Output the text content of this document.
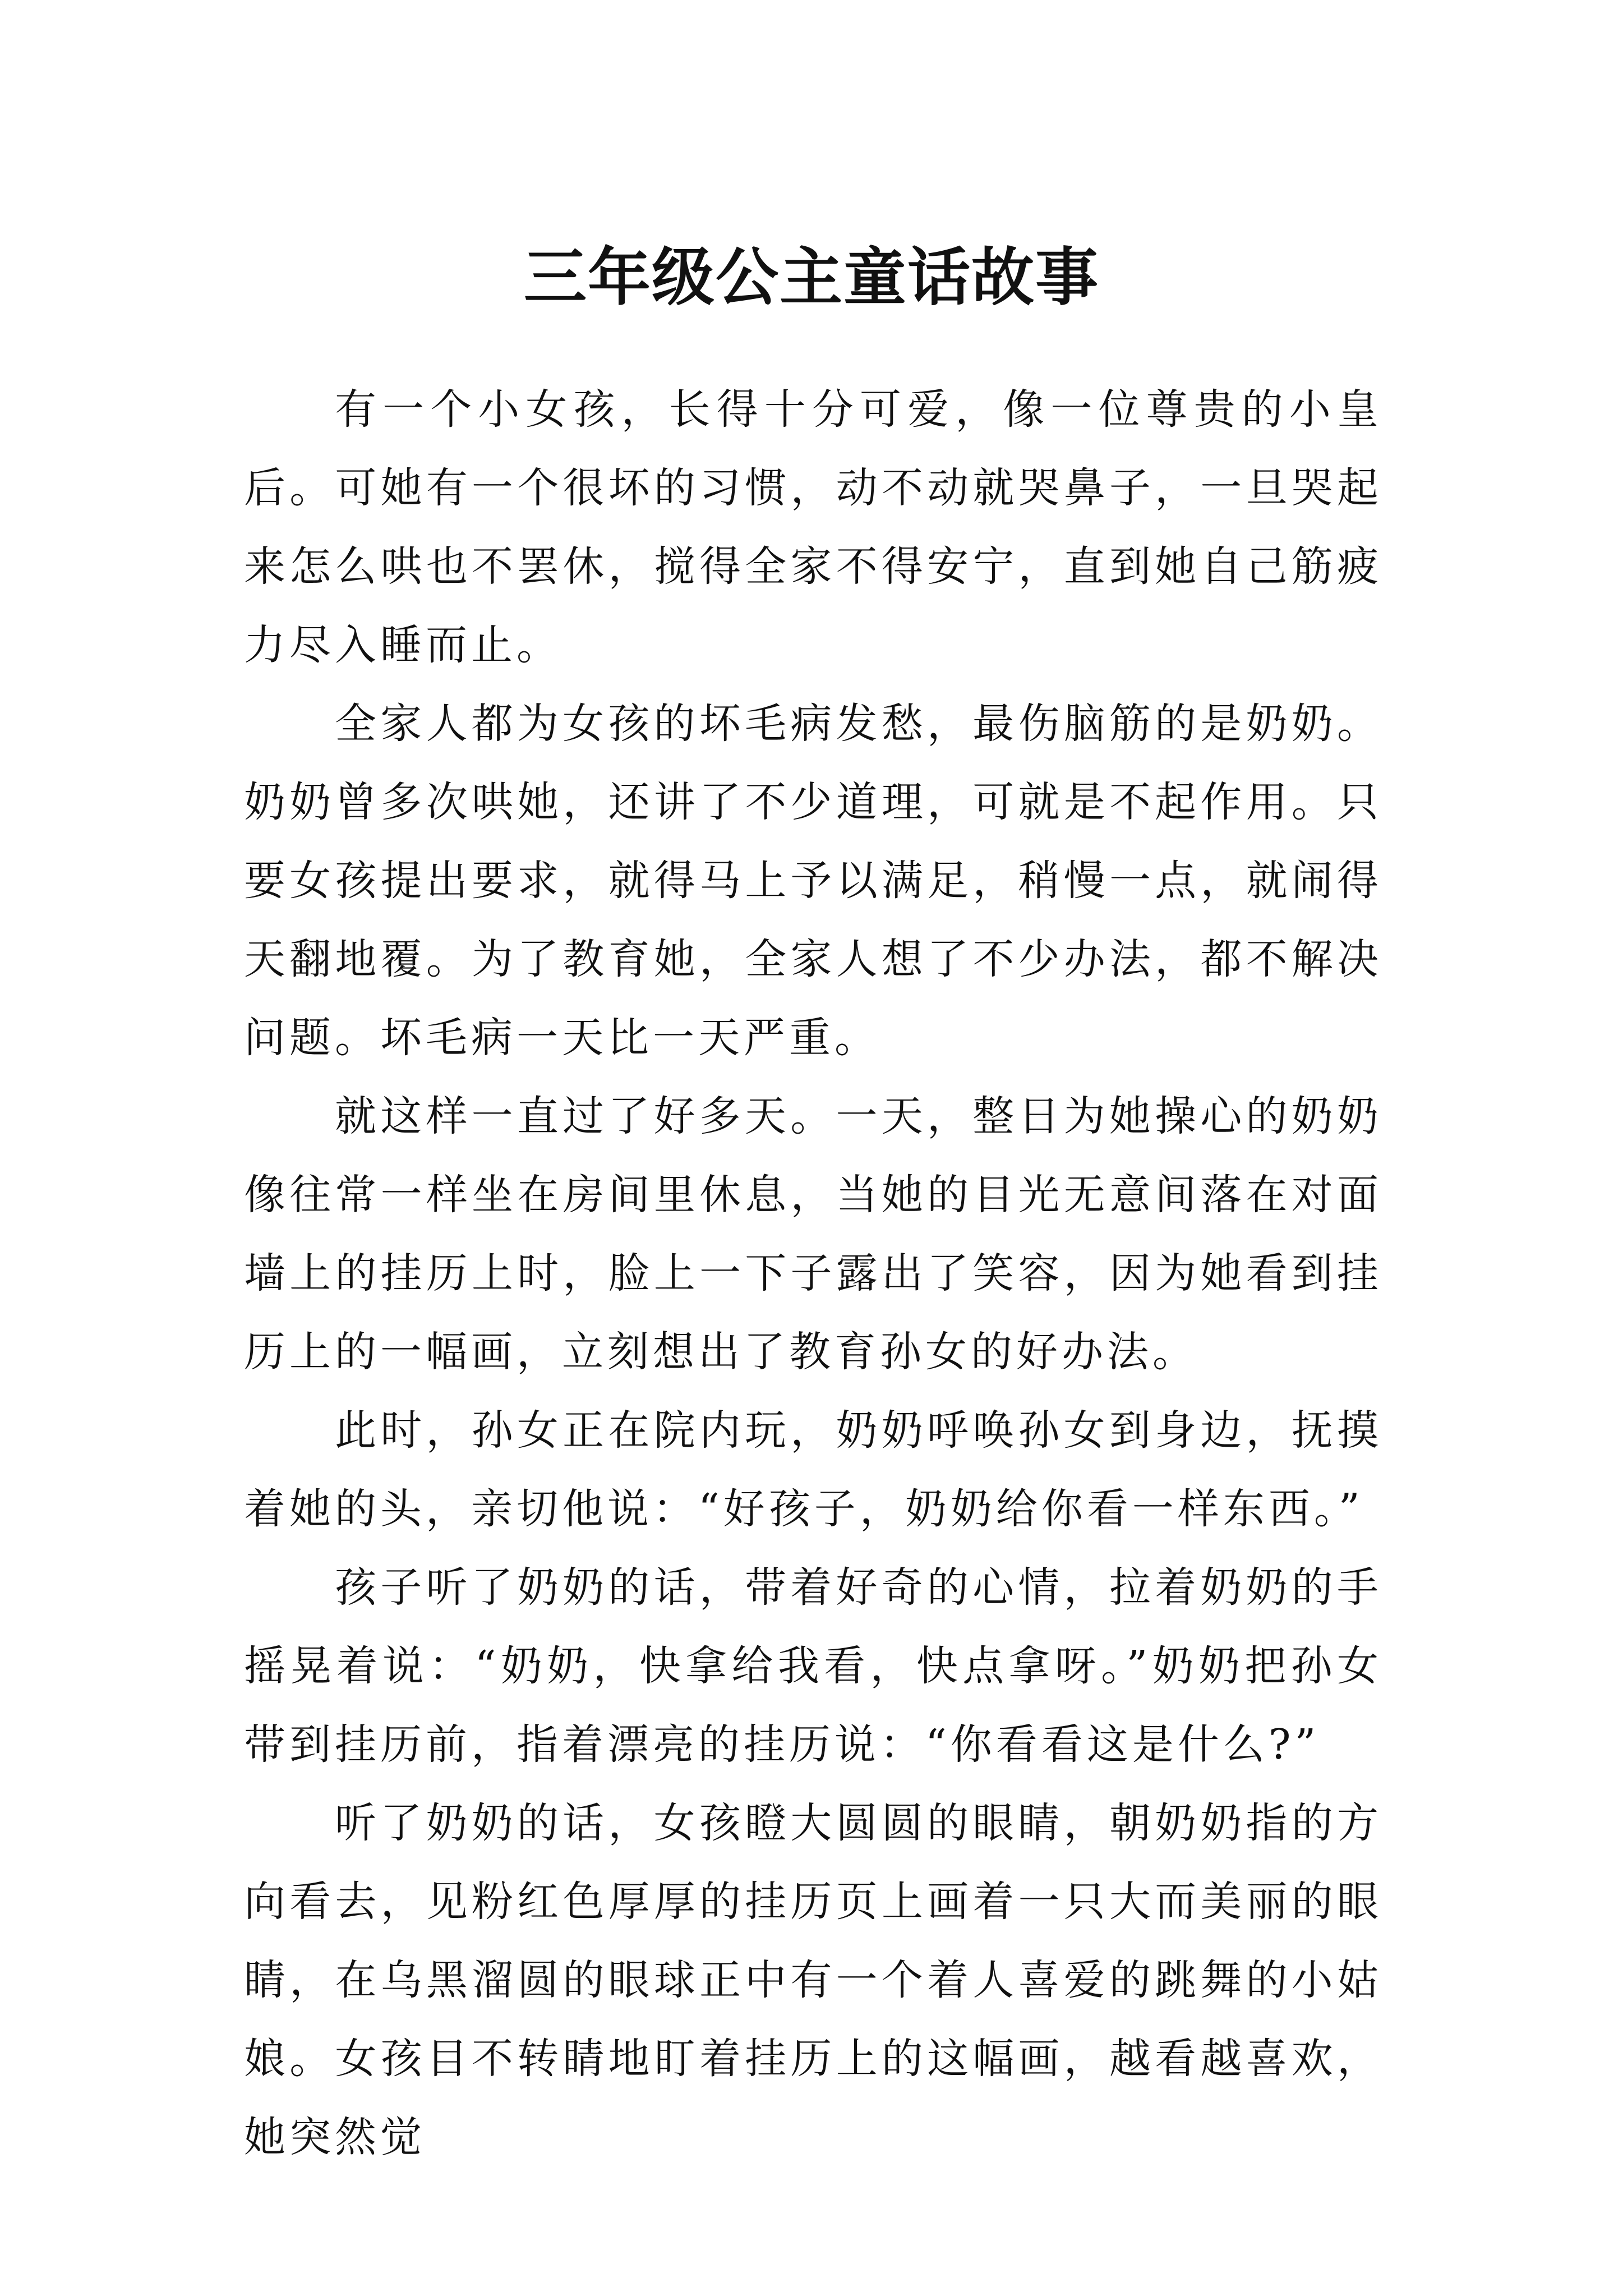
三年级公主童话故事

有一个小女孩，长得十分可爱，像一位尊贵的小皇后。可她有一个很坏的习惯，动不动就哭鼻子，一旦哭起来怎么哄也不罢休，搅得全家不得安宁，直到她自己筋疲力尽入睡而止。

全家人都为女孩的坏毛病发愁，最伤脑筋的是奶奶。奶奶曾多次哄她，还讲了不少道理，可就是不起作用。只要女孩提出要求，就得马上予以满足，稍慢一点，就闹得天翻地覆。为了教育她，全家人想了不少办法，都不解决问题。坏毛病一天比一天严重。

就这样一直过了好多天。一天，整日为她操心的奶奶像往常一样坐在房间里休息，当她的目光无意间落在对面墙上的挂历上时，脸上一下子露出了笑容，因为她看到挂历上的一幅画，立刻想出了教育孙女的好办法。

此时，孙女正在院内玩，奶奶呼唤孙女到身边，抚摸着她的头，亲切他说：“好孩子，奶奶给你看一样东西。”

孩子听了奶奶的话，带着好奇的心情，拉着奶奶的手摇晃着说：“奶奶，快拿给我看，快点拿呀。”奶奶把孙女带到挂历前，指着漂亮的挂历说：“你看看这是什么?”

听了奶奶的话，女孩瞪大圆圆的眼睛，朝奶奶指的方向看去，见粉红色厚厚的挂历页上画着一只大而美丽的眼睛，在乌黑溜圆的眼球正中有一个着人喜爱的跳舞的小姑娘。女孩目不转睛地盯着挂历上的这幅画，越看越喜欢，她突然觉
